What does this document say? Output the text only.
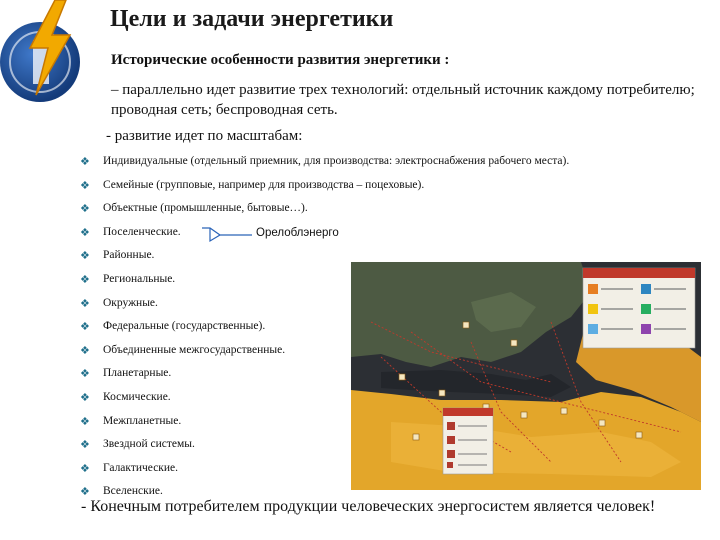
Цели и задачи энергетики
Исторические особенности развития энергетики :
– параллельно идет развитие трех технологий: отдельный источник каждому потребителю; проводная сеть; беспроводная сеть.
- развитие идет по масштабам:
❖ Индивидуальные (отдельный приемник, для производства: электроснабжения рабочего места).
❖ Семейные (групповые, например для производства – поцеховые).
❖ Объектные (промышленные, бытовые…).
❖ Поселенческие.
❖ Районные.
❖ Региональные.
❖ Окружные.
❖ Федеральные (государственные).
❖ Объединенные межгосударственные.
❖ Планетарные.
❖ Космические.
❖ Межпланетные.
❖ Звездной системы.
❖ Галактические.
❖ Вселенские.
Орелоблэнерго
- Конечным потребителем продукции человеческих энергосистем является человек!
